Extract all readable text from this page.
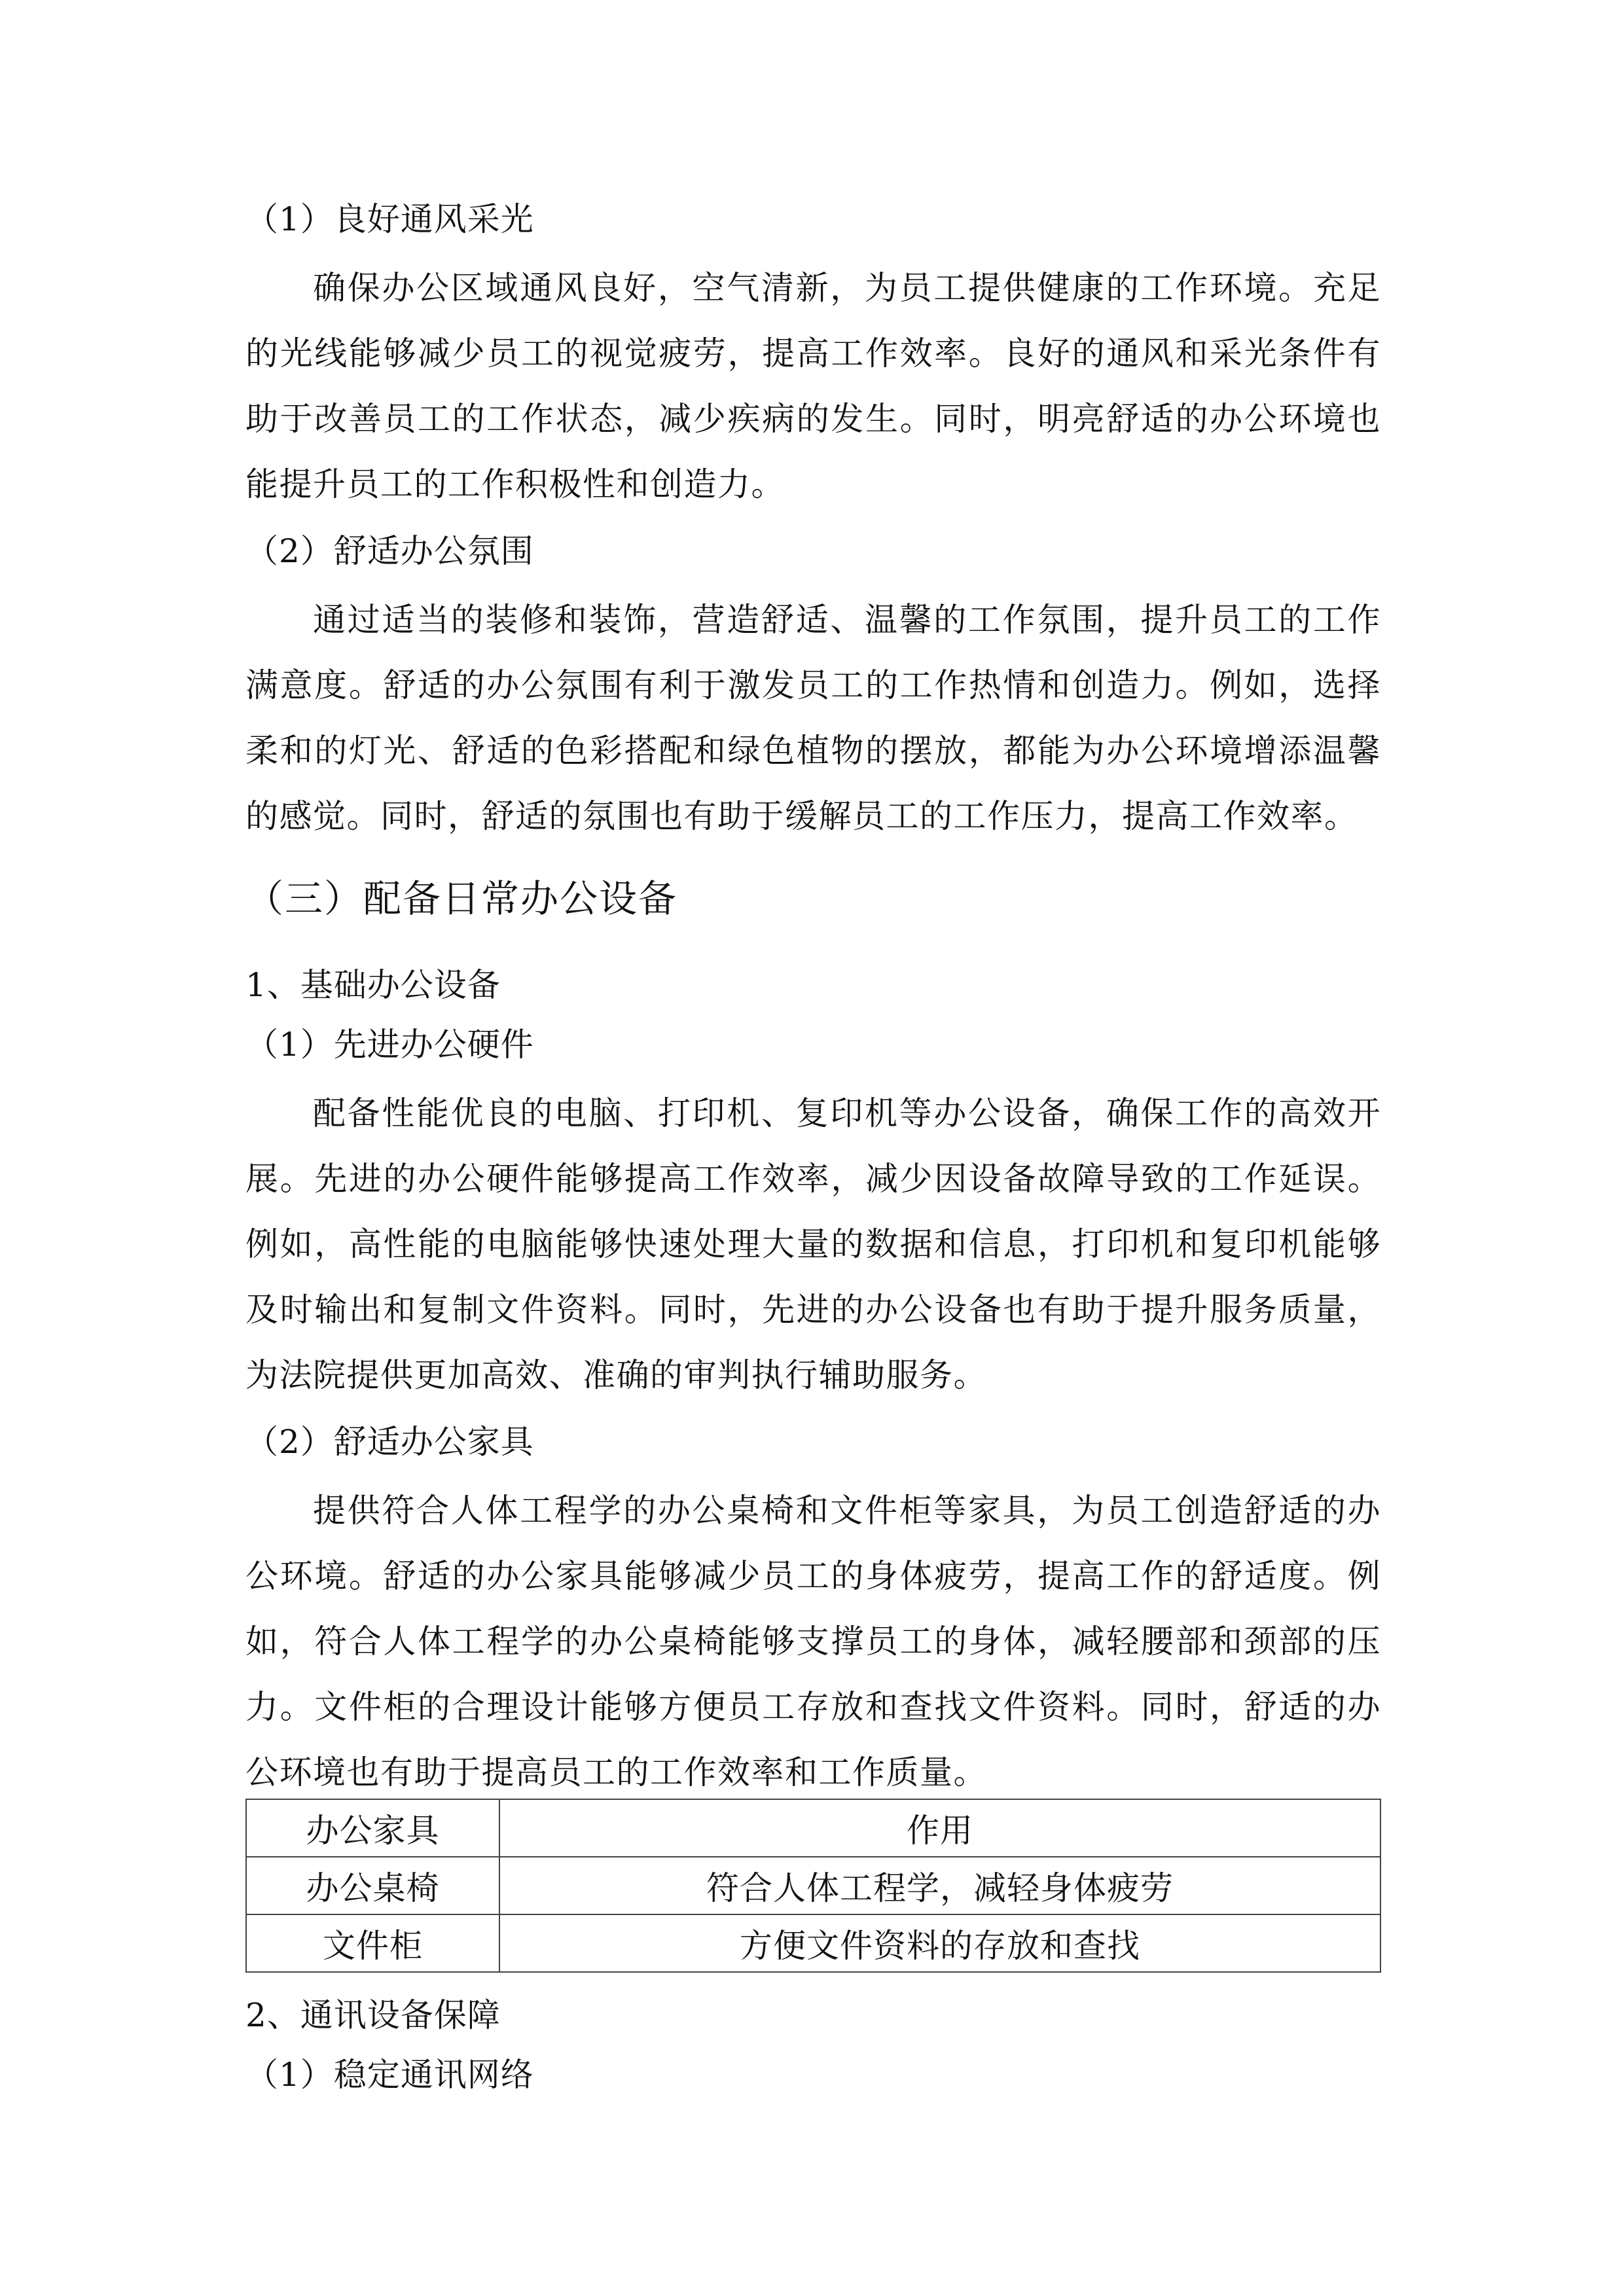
（1）良好通风采光
确保办公区域通风良好，空气清新，为员工提供健康的工作环境。充足的光线能够减少员工的视觉疲劳，提高工作效率。良好的通风和采光条件有助于改善员工的工作状态，减少疾病的发生。同时，明亮舒适的办公环境也能提升员工的工作积极性和创造力。
（2）舒适办公氛围
通过适当的装修和装饰，营造舒适、温馨的工作氛围，提升员工的工作满意度。舒适的办公氛围有利于激发员工的工作热情和创造力。例如，选择柔和的灯光、舒适的色彩搭配和绿色植物的摆放，都能为办公环境增添温馨的感觉。同时，舒适的氛围也有助于缓解员工的工作压力，提高工作效率。
（三）配备日常办公设备
1、基础办公设备
（1）先进办公硬件
配备性能优良的电脑、打印机、复印机等办公设备，确保工作的高效开展。先进的办公硬件能够提高工作效率，减少因设备故障导致的工作延误。例如，高性能的电脑能够快速处理大量的数据和信息，打印机和复印机能够及时输出和复制文件资料。同时，先进的办公设备也有助于提升服务质量，为法院提供更加高效、准确的审判执行辅助服务。
（2）舒适办公家具
提供符合人体工程学的办公桌椅和文件柜等家具，为员工创造舒适的办公环境。舒适的办公家具能够减少员工的身体疲劳，提高工作的舒适度。例如，符合人体工程学的办公桌椅能够支撑员工的身体，减轻腰部和颈部的压力。文件柜的合理设计能够方便员工存放和查找文件资料。同时，舒适的办公环境也有助于提高员工的工作效率和工作质量。
办公家具	作用
办公桌椅	符合人体工程学，减轻身体疲劳
文件柜	方便文件资料的存放和查找
2、通讯设备保障
（1）稳定通讯网络
